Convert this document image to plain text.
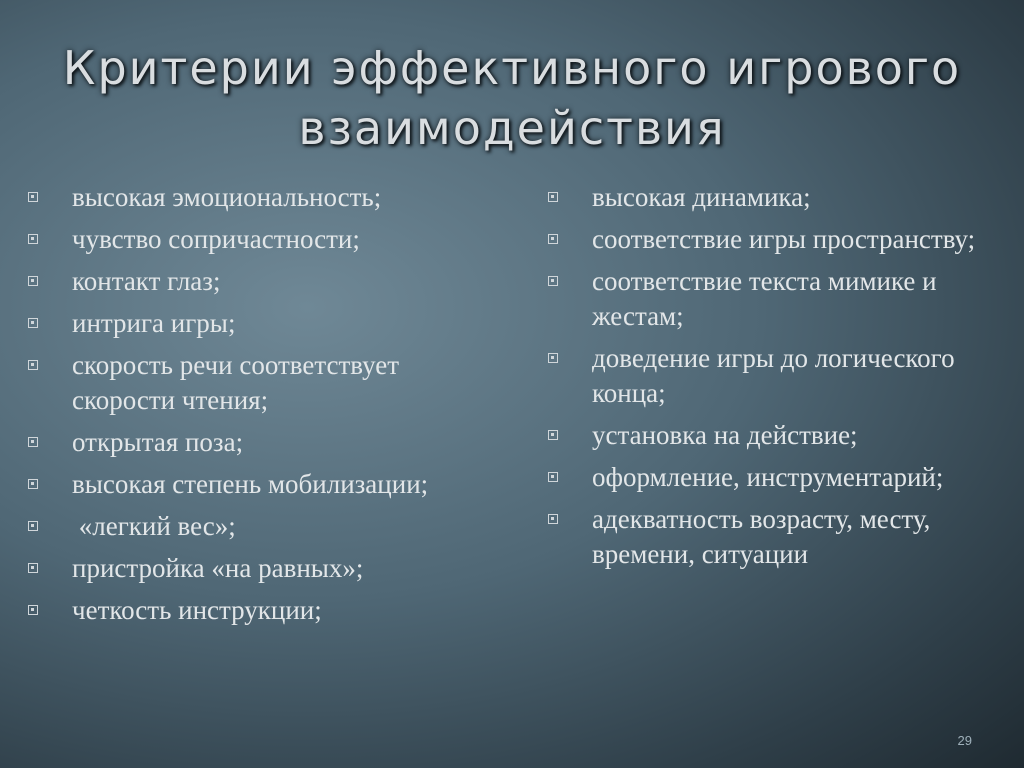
Критерии эффективного игрового
взаимодействия
высокая эмоциональность;
чувство сопричастности;
контакт глаз;
интрига игры;
скорость речи соответствует скорости чтения;
открытая поза;
высокая степень мобилизации;
«легкий вес»;
пристройка «на равных»;
четкость инструкции;
высокая динамика;
соответствие игры пространству;
соответствие текста мимике и жестам;
доведение игры до логического конца;
установка на действие;
оформление, инструментарий;
адекватность возрасту, месту, времени, ситуации
29
